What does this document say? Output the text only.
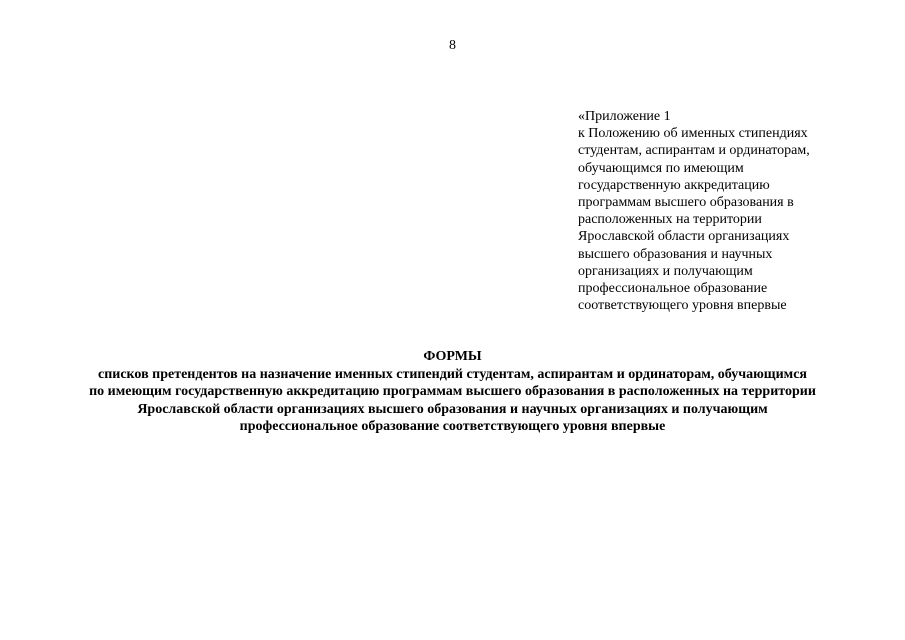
8
«Приложение 1
к Положению об именных стипендиях
студентам, аспирантам и ординаторам,
обучающимся по имеющим
государственную аккредитацию
программам высшего образования в
расположенных на территории
Ярославской области организациях
высшего образования и научных
организациях и получающим
профессиональное образование
соответствующего уровня впервые
ФОРМЫ
списков претендентов на назначение именных стипендий студентам, аспирантам и ординаторам, обучающимся
по имеющим государственную аккредитацию программам высшего образования в расположенных на территории
Ярославской области организациях высшего образования и научных организациях и получающим
профессиональное образование соответствующего уровня впервые
